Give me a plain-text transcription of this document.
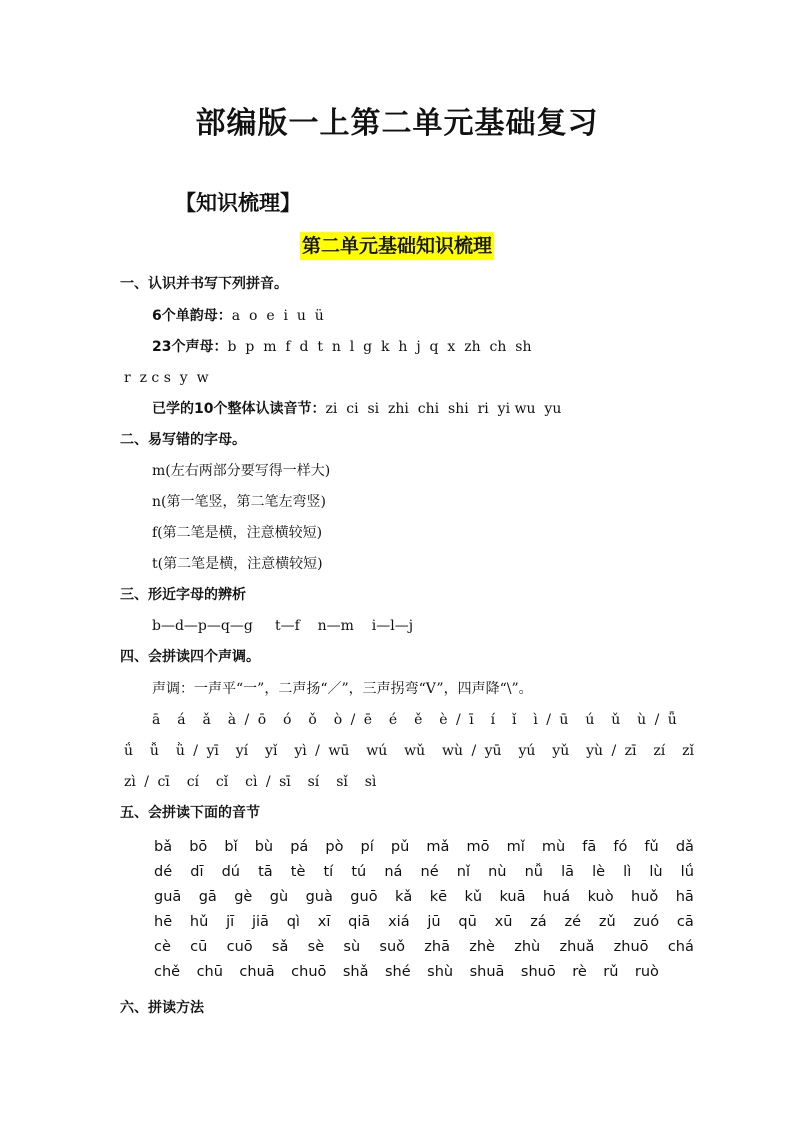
部编版一上第二单元基础复习
【知识梳理】
第二单元基础知识梳理
一、认识并书写下列拼音。
6个单韵母：a  o  e  i  u  ü
23个声母：b  p  m  f  d  t  n  l  g  k  h  j  q  x  zh  ch  sh
r  z c s  y  w
已学的10个整体认读音节：zi  ci  si  zhi  chi  shi  ri  yi wu  yu
二、易写错的字母。
m(左右两部分要写得一样大)
n(第一笔竖，第二笔左弯竖)
f(第二笔是横，注意横较短)
t(第二笔是横，注意横较短)
三、形近字母的辨析
b—d—p—q—g     t—f    n—m    i—l—j
四、会拼读四个声调。
声调：一声平“一”，二声扬“／”，三声拐弯“V”，四声降“\”。
ā  á  ǎ  à / ō  ó  ǒ  ò / ē  é  ě  è / ī  í  ǐ  ì / ū  ú  ǔ  ù / ǖ
ǘ  ǚ  ǜ / yī  yí  yǐ  yì / wū  wú  wǔ  wù / yū  yú  yǔ  yù / zī  zí  zǐ
zì / cī  cí  cǐ  cì / sī  sí  sǐ  sì
五、会拼读下面的音节
bǎ bō bǐ bù pá pò pí pǔ mǎ mō mǐ mù fā fó fǔ dǎ
dé dī dú tā tè tí tú ná né nǐ nù nǚ lā lè lì lù lǘ
guā gā gè gù guà guō kǎ kē kǔ kuā huá kuò huǒ hā
hē hǔ jī jiā qì xī qiā xiá jū qū xū zá zé zǔ zuó cā
cè cū cuō sǎ sè sù suǒ zhā zhè zhù zhuǎ zhuō chá
chě chū chuā chuō shǎ shé shù shuā shuō rè rǔ ruò
六、拼读方法
